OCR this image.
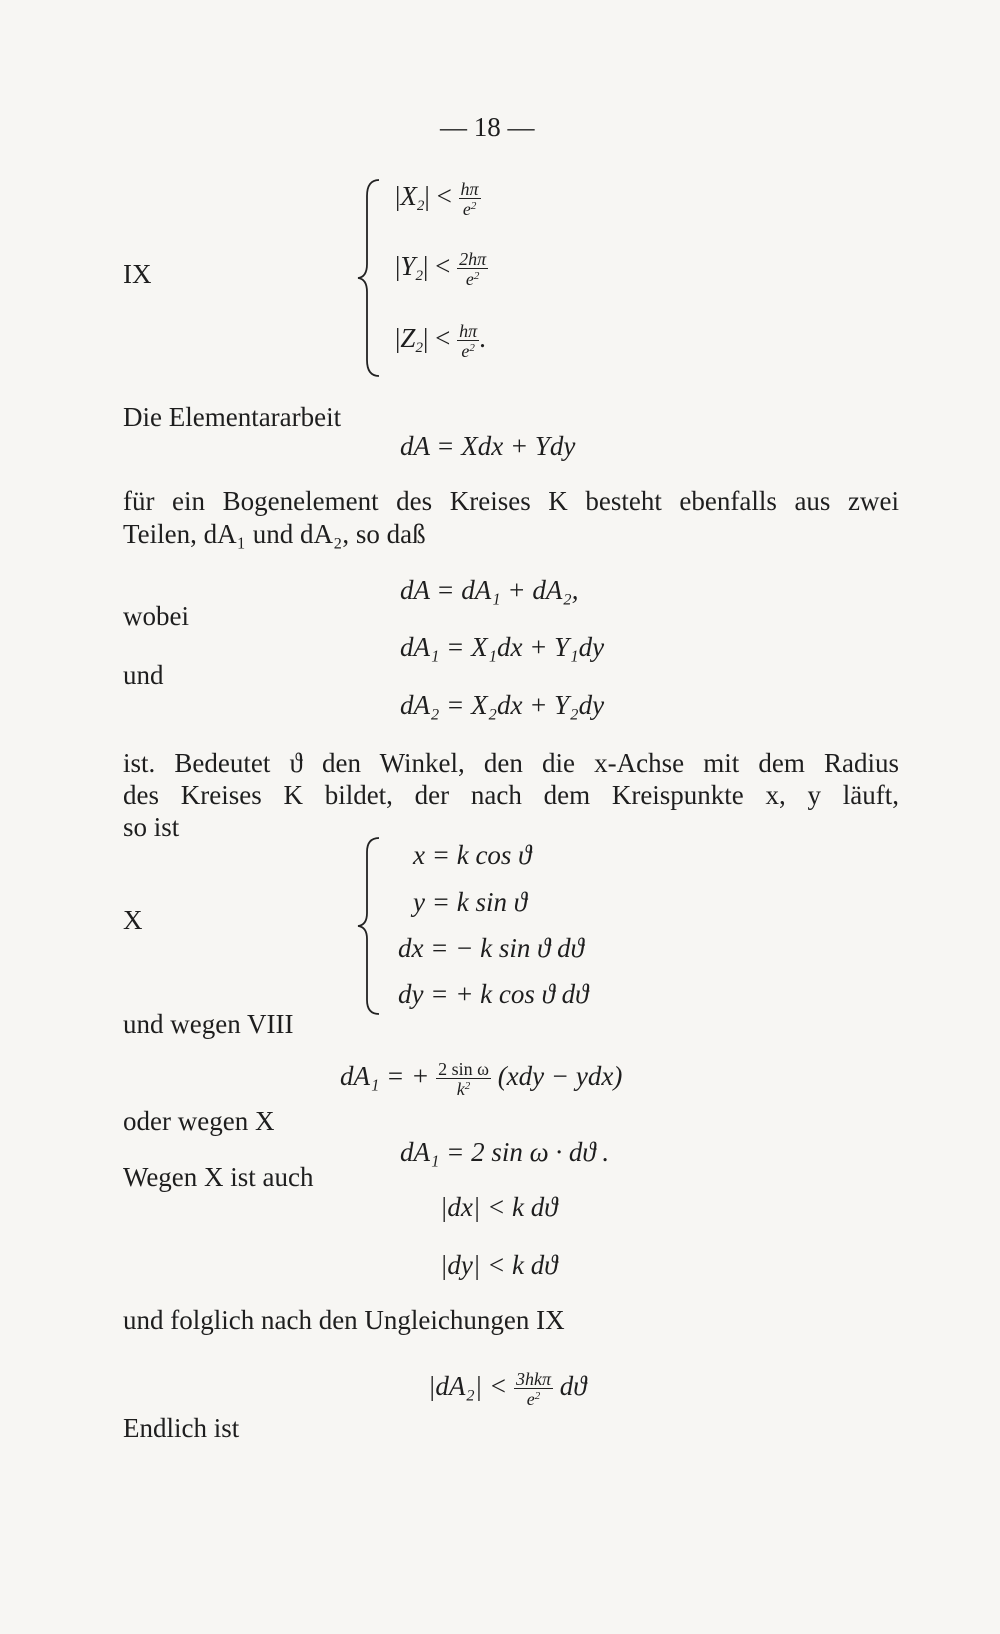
— 18 —
IX
$|X_2| < \frac{h\pi}{e^2}$
$|Y_2| < \frac{2h\pi}{e^2}$
$|Z_2| < \frac{h\pi}{e^2}$ .
Die Elementararbeit
dA = Xdx + Ydy
für ein Bogenelement des Kreises K besteht ebenfalls aus zwei
Teilen, dA₁ und dA₂, so daß
dA = dA₁ + dA₂,
wobei
dA₁ = X₁dx + Y₁dy
und
dA₂ = X₂dx + Y₂dy
ist. Bedeutet ϑ den Winkel, den die x-Achse mit dem Radius
des Kreises K bildet, der nach dem Kreispunkte x, y läuft,
so ist
X
x = k cos ϑ
y = k sin ϑ
dx = − k sin ϑ dϑ
dy = + k cos ϑ dϑ
und wegen VIII
dA₁ = + $\frac{\text{2 sin ω}}{k^2} (xdy - ydx)$
oder wegen X
dA₁ = 2 sin ω · dϑ .
Wegen X ist auch
|dx| < k dϑ
|dy| < k dϑ
und folglich nach den Ungleichungen IX
$|dA_2| < \frac{\text{3hkπ}}{e^2}$ dϑ
Endlich ist
